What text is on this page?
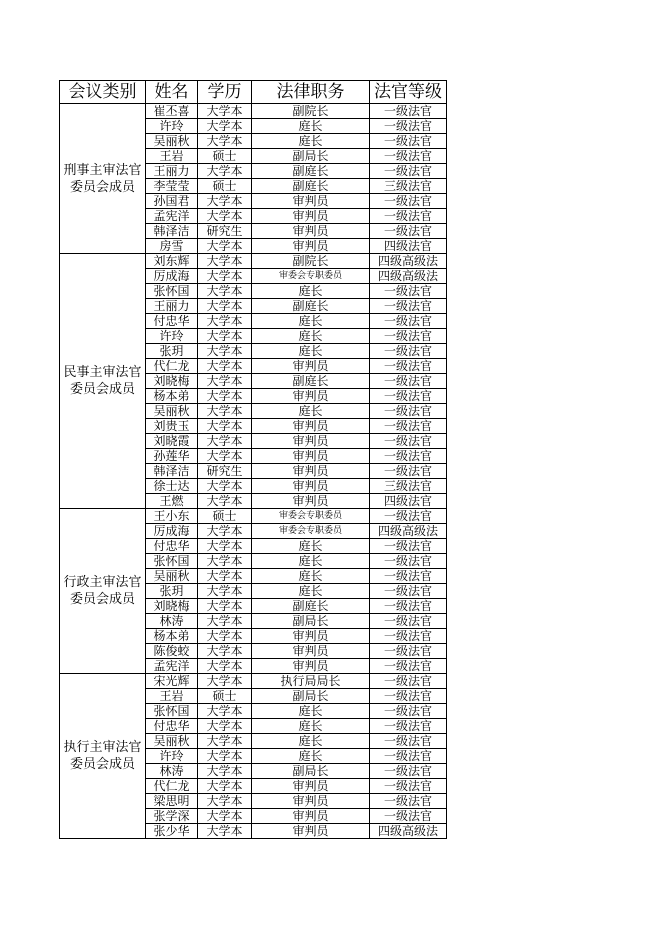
会议类别	姓名	学历	法律职务	法官等级
刑事主审法官委员会成员	崔丕喜	大学本	副院长	一级法官
	许玲	大学本	庭长	一级法官
	吴丽秋	大学本	庭长	一级法官
	王岩	硕士	副局长	一级法官
	王丽力	大学本	副庭长	一级法官
	李莹莹	硕士	副庭长	三级法官
	孙国君	大学本	审判员	一级法官
	孟宪洋	大学本	审判员	一级法官
	韩泽洁	研究生	审判员	一级法官
	房雪	大学本	审判员	四级法官
民事主审法官委员会成员	刘东辉	大学本	副院长	四级高级法
	厉成海	大学本	审委会专职委员	四级高级法
	张怀国	大学本	庭长	一级法官
	王丽力	大学本	副庭长	一级法官
	付忠华	大学本	庭长	一级法官
	许玲	大学本	庭长	一级法官
	张玥	大学本	庭长	一级法官
	代仁龙	大学本	审判员	一级法官
	刘晓梅	大学本	副庭长	一级法官
	杨本弟	大学本	审判员	一级法官
	吴丽秋	大学本	庭长	一级法官
	刘贵玉	大学本	审判员	一级法官
	刘晓霞	大学本	审判员	一级法官
	孙莲华	大学本	审判员	一级法官
	韩泽洁	研究生	审判员	一级法官
	徐士达	大学本	审判员	三级法官
	王燃	大学本	审判员	四级法官
行政主审法官委员会成员	王小东	硕士	审委会专职委员	一级法官
	厉成海	大学本	审委会专职委员	四级高级法
	付忠华	大学本	庭长	一级法官
	张怀国	大学本	庭长	一级法官
	吴丽秋	大学本	庭长	一级法官
	张玥	大学本	庭长	一级法官
	刘晓梅	大学本	副庭长	一级法官
	林涛	大学本	副局长	一级法官
	杨本弟	大学本	审判员	一级法官
	陈俊蛟	大学本	审判员	一级法官
	孟宪洋	大学本	审判员	一级法官
执行主审法官委员会成员	宋光辉	大学本	执行局局长	一级法官
	王岩	硕士	副局长	一级法官
	张怀国	大学本	庭长	一级法官
	付忠华	大学本	庭长	一级法官
	吴丽秋	大学本	庭长	一级法官
	许玲	大学本	庭长	一级法官
	林涛	大学本	副局长	一级法官
	代仁龙	大学本	审判员	一级法官
	梁思明	大学本	审判员	一级法官
	张学深	大学本	审判员	一级法官
	张少华	大学本	审判员	四级高级法
